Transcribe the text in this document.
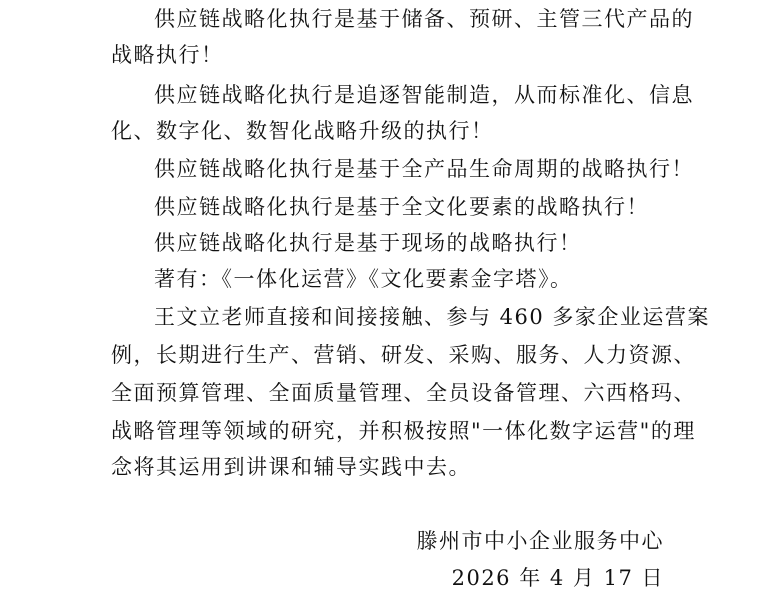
供应链战略化执行是基于储备、预研、主管三代产品的
战略执行！
供应链战略化执行是追逐智能制造，从而标准化、信息
化、数字化、数智化战略升级的执行！
供应链战略化执行是基于全产品生命周期的战略执行！
供应链战略化执行是基于全文化要素的战略执行！
供应链战略化执行是基于现场的战略执行！
著有：《一体化运营》《文化要素金字塔》。
王文立老师直接和间接接触、参与 460 多家企业运营案
例，长期进行生产、营销、研发、采购、服务、人力资源、
全面预算管理、全面质量管理、全员设备管理、六西格玛、
战略管理等领域的研究，并积极按照"一体化数字运营"的理
念将其运用到讲课和辅导实践中去。
滕州市中小企业服务中心
2026 年 4 月 17 日
